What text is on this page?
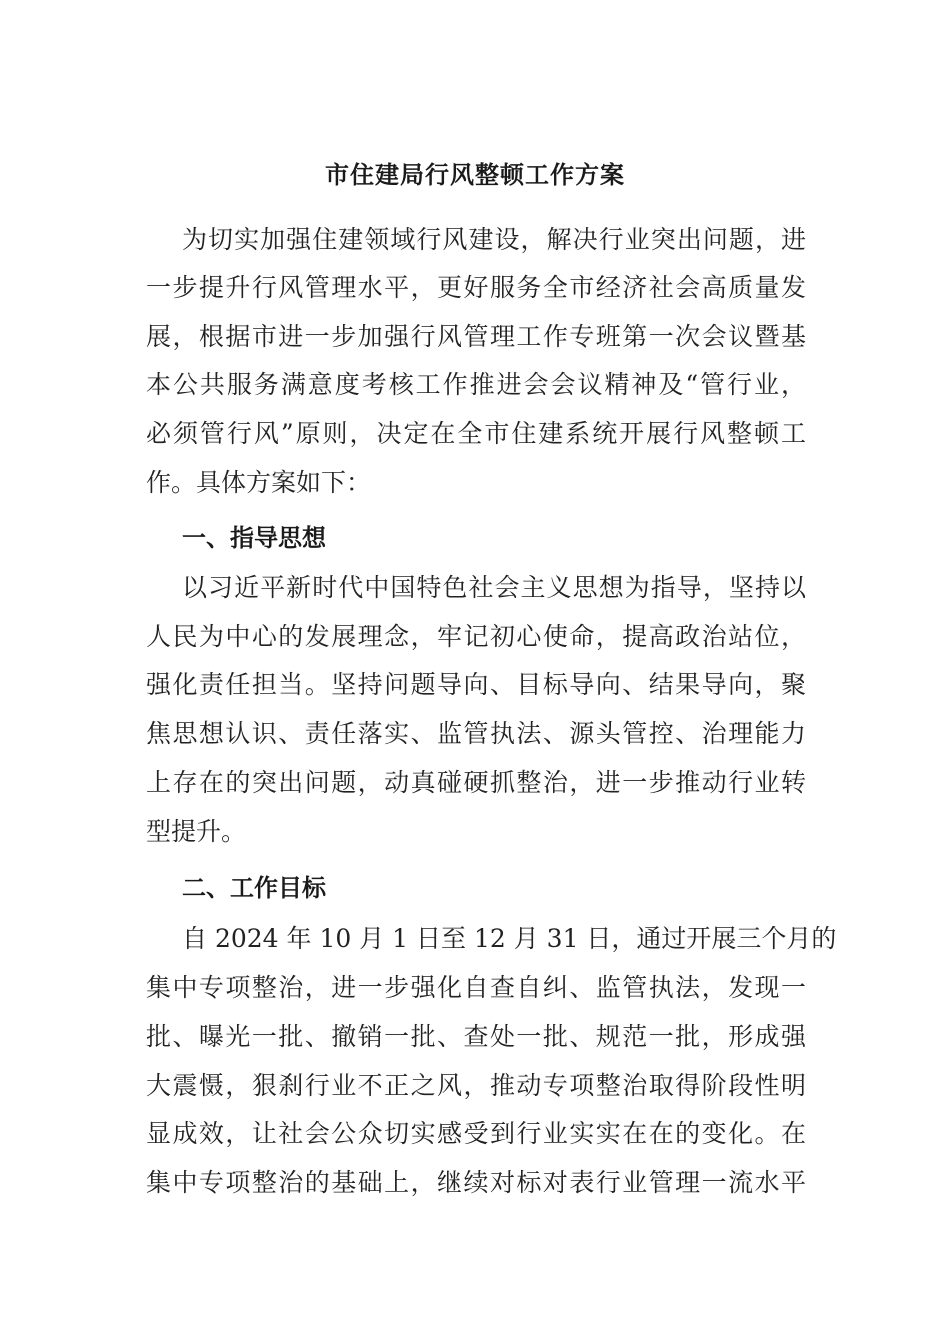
市住建局行风整顿工作方案
为切实加强住建领域行风建设，解决行业突出问题，进
一步提升行风管理水平，更好服务全市经济社会高质量发
展，根据市进一步加强行风管理工作专班第一次会议暨基
本公共服务满意度考核工作推进会会议精神及“管行业，
必须管行风”原则，决定在全市住建系统开展行风整顿工
作。具体方案如下：
一、指导思想
以习近平新时代中国特色社会主义思想为指导，坚持以
人民为中心的发展理念，牢记初心使命，提高政治站位，
强化责任担当。坚持问题导向、目标导向、结果导向，聚
焦思想认识、责任落实、监管执法、源头管控、治理能力
上存在的突出问题，动真碰硬抓整治，进一步推动行业转
型提升。
二、工作目标
自 2024 年 10 月 1 日至 12 月 31 日，通过开展三个月的
集中专项整治，进一步强化自查自纠、监管执法，发现一
批、曝光一批、撤销一批、查处一批、规范一批，形成强
大震慑，狠刹行业不正之风，推动专项整治取得阶段性明
显成效，让社会公众切实感受到行业实实在在的变化。在
集中专项整治的基础上，继续对标对表行业管理一流水平
